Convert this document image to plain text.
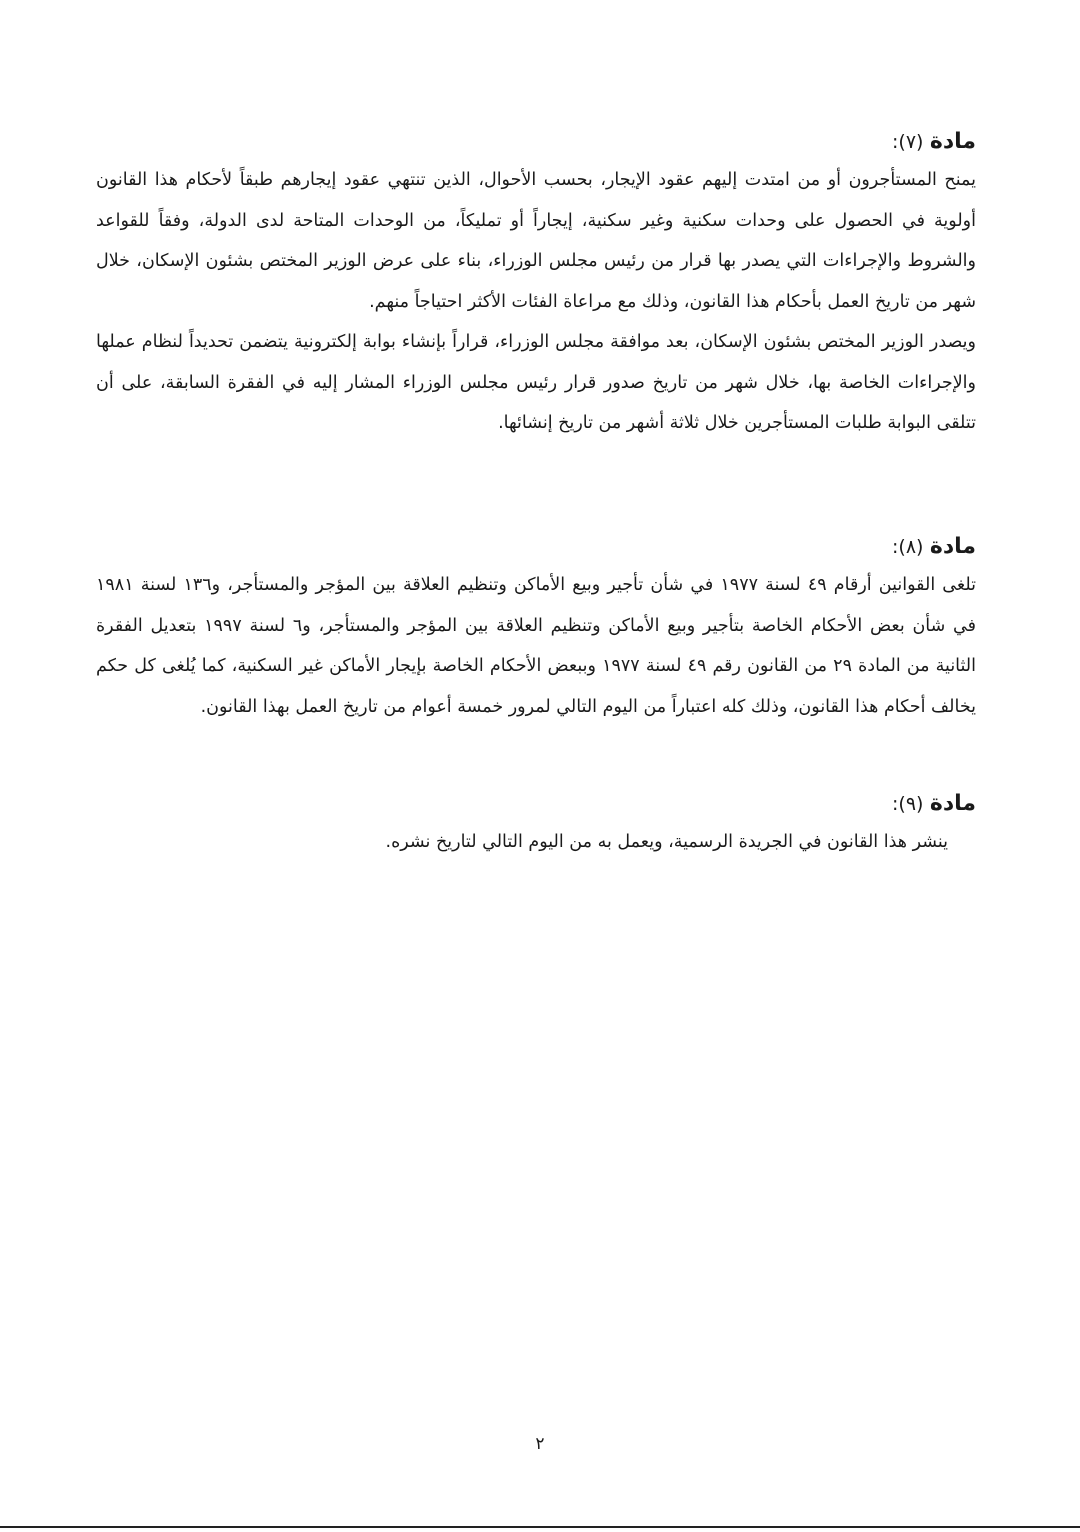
مادة (٧):

يمنح المستأجرون أو من امتدت إليهم عقود الإيجار، بحسب الأحوال، الذين تنتهي عقود إيجارهم طبقاً لأحكام هذا القانون أولوية في الحصول على وحدات سكنية وغير سكنية، إيجاراً أو تمليكاً، من الوحدات المتاحة لدى الدولة، وفقاً للقواعد والشروط والإجراءات التي يصدر بها قرار من رئيس مجلس الوزراء، بناء على عرض الوزير المختص بشئون الإسكان، خلال شهر من تاريخ العمل بأحكام هذا القانون، وذلك مع مراعاة الفئات الأكثر احتياجاً منهم.

ويصدر الوزير المختص بشئون الإسكان، بعد موافقة مجلس الوزراء، قراراً بإنشاء بوابة إلكترونية يتضمن تحديداً لنظام عملها والإجراءات الخاصة بها، خلال شهر من تاريخ صدور قرار رئيس مجلس الوزراء المشار إليه في الفقرة السابقة، على أن تتلقى البوابة طلبات المستأجرين خلال ثلاثة أشهر من تاريخ إنشائها.

مادة (٨):

تلغى القوانين أرقام ٤٩ لسنة ١٩٧٧ في شأن تأجير وبيع الأماكن وتنظيم العلاقة بين المؤجر والمستأجر، و١٣٦ لسنة ١٩٨١ في شأن بعض الأحكام الخاصة بتأجير وبيع الأماكن وتنظيم العلاقة بين المؤجر والمستأجر، و٦ لسنة ١٩٩٧ بتعديل الفقرة الثانية من المادة ٢٩ من القانون رقم ٤٩ لسنة ١٩٧٧ وببعض الأحكام الخاصة بإيجار الأماكن غير السكنية، كما يُلغى كل حكم يخالف أحكام هذا القانون، وذلك كله اعتباراً من اليوم التالي لمرور خمسة أعوام من تاريخ العمل بهذا القانون.

مادة (٩):

ينشر هذا القانون في الجريدة الرسمية، ويعمل به من اليوم التالي لتاريخ نشره.

٢
